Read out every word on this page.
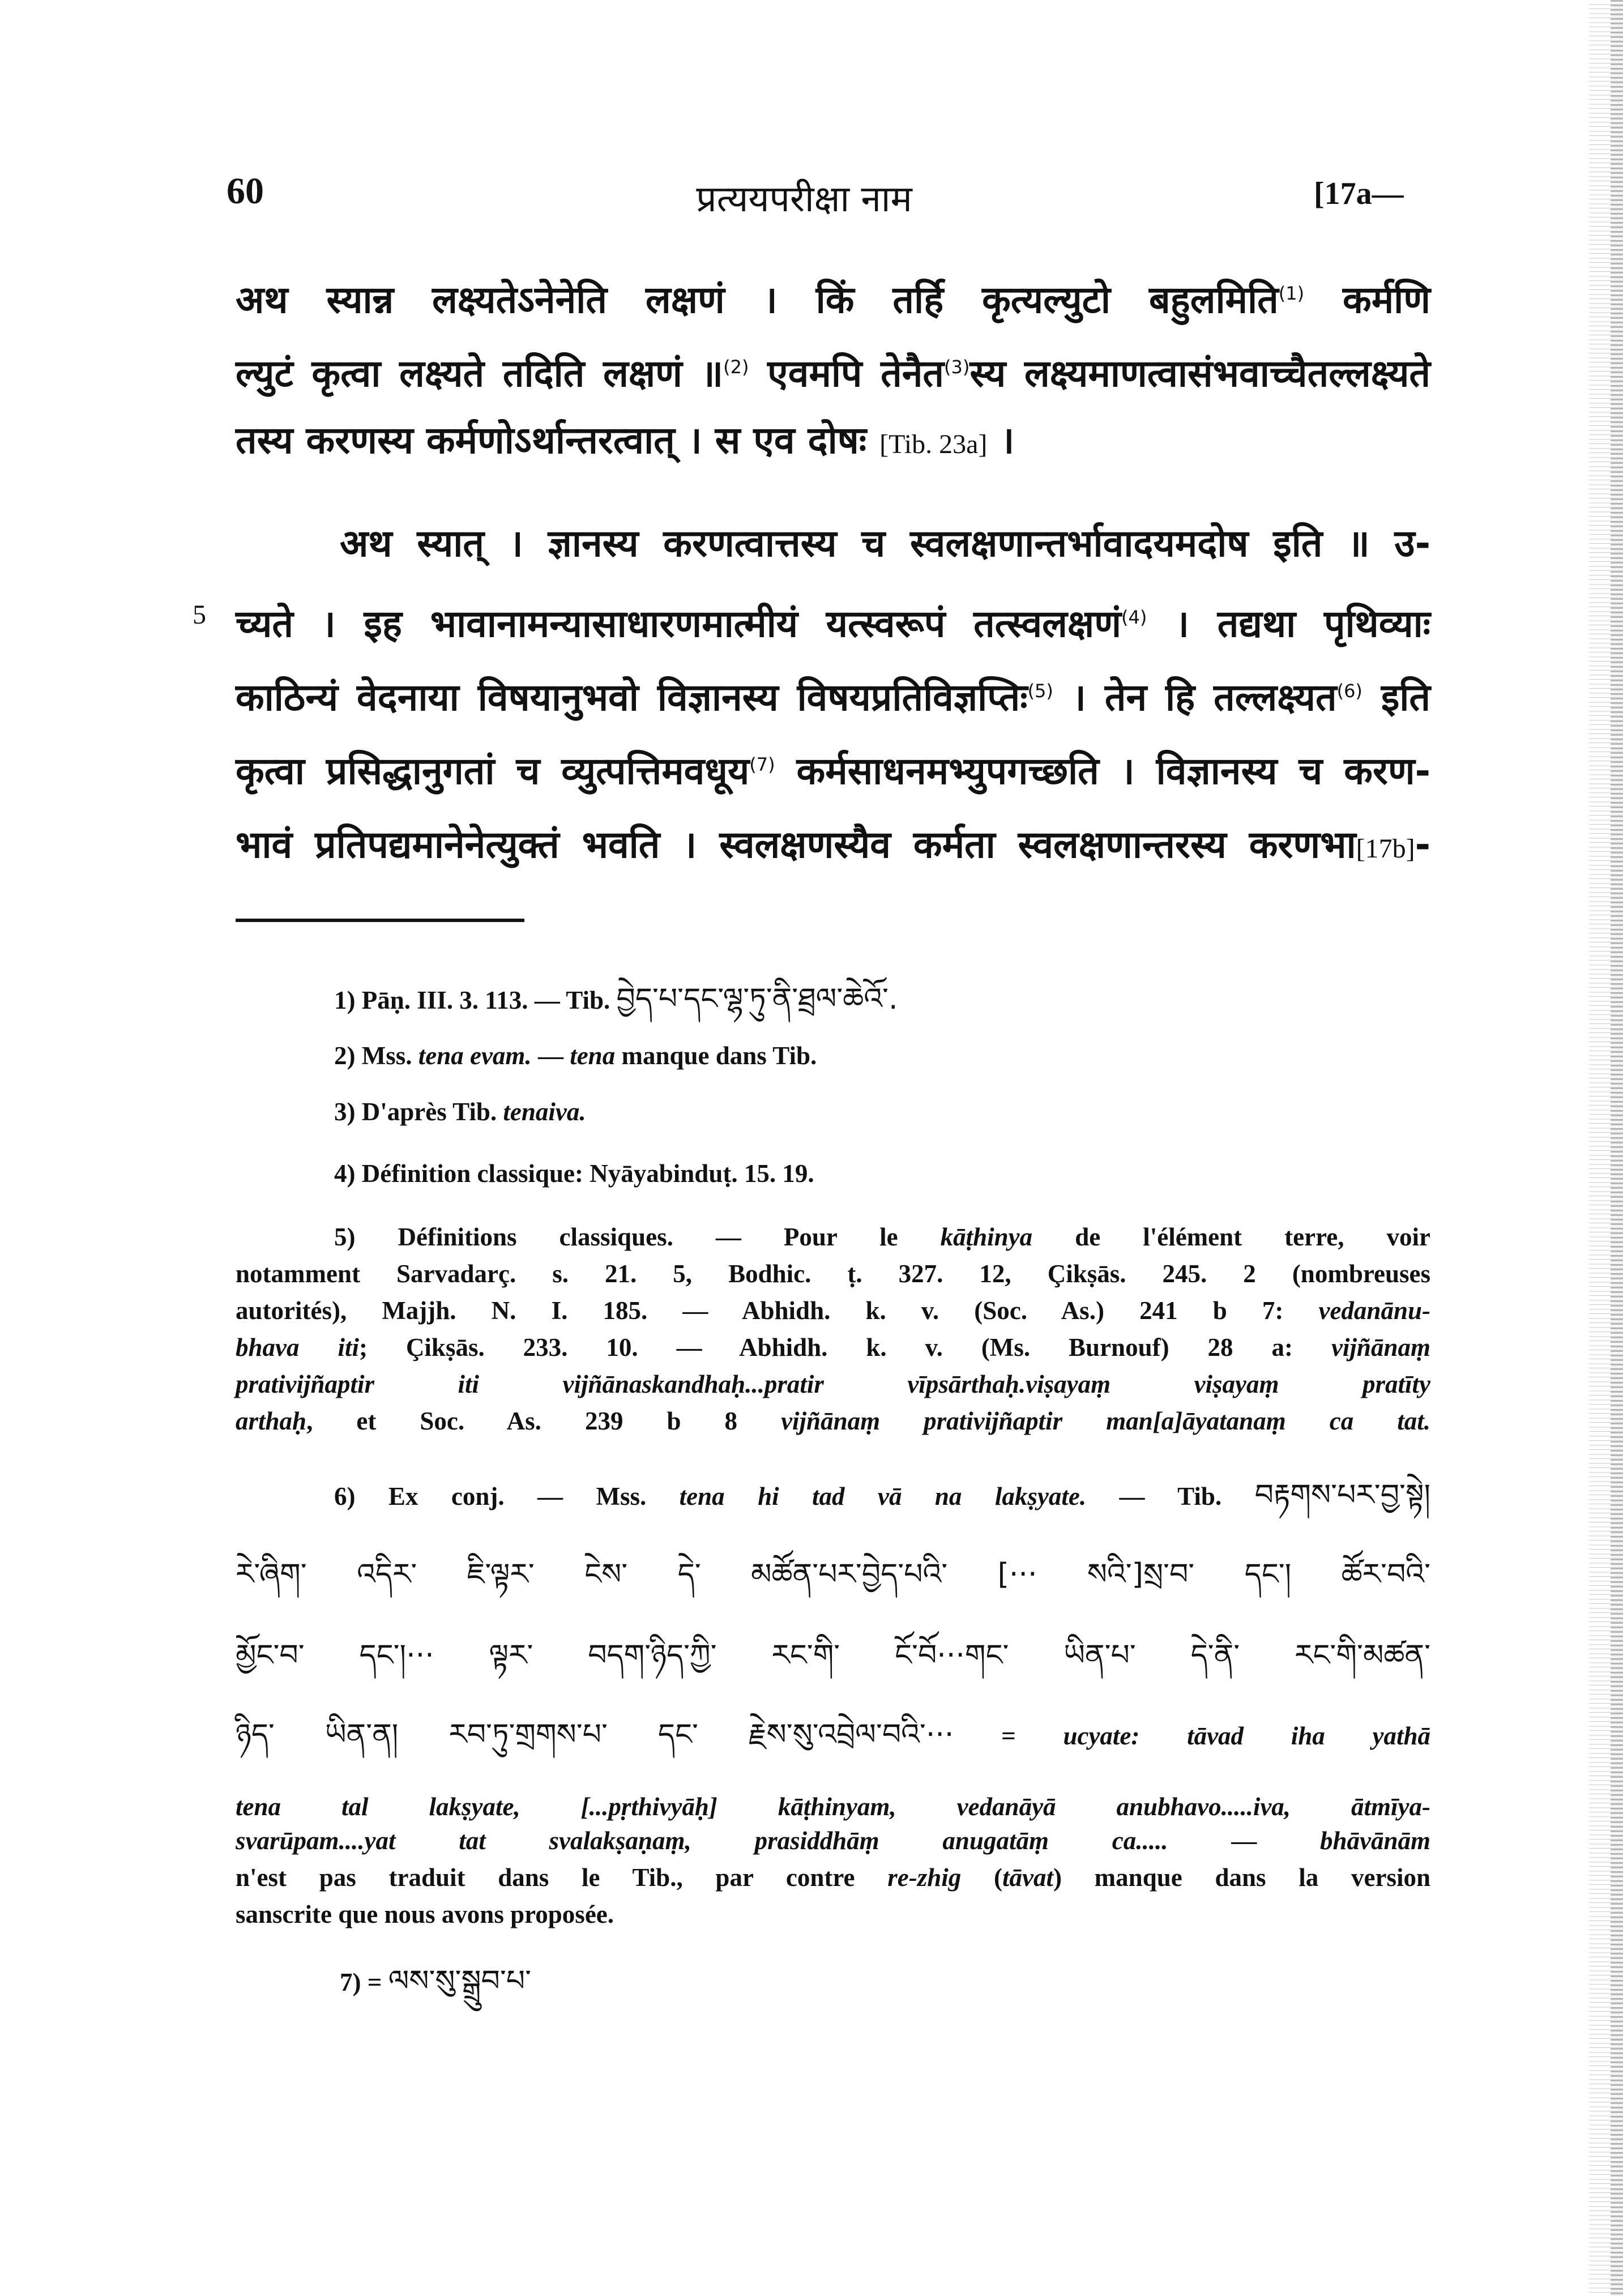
60	प्रत्ययपरीक्षा नाम	[17a—
अथ स्यान्न लक्ष्यतेऽनेनेति लक्षणं । किं तर्हि कृत्यल्युटो बहुलमिति$^{(1)}$ कर्मणि
ल्युटं कृत्वा लक्ष्यते तदिति लक्षणं ॥$^{(2)}$ एवमपि तेनैत$^{(3)}$स्य लक्ष्यमाणत्वासंभवाच्चैतल्लक्ष्यते
तस्य करणस्य कर्मणोऽर्थान्तरत्वात् । स एव दोषः [Tib. 23a] ।
अथ स्यात् । ज्ञानस्य करणत्वात्तस्य च स्वलक्षणान्तर्भावादयमदोष इति ॥ उ-
5 च्यते । इह भावानामन्यासाधारणमात्मीयं यत्स्वरूपं तत्स्वलक्षणं$^{(4)}$ । तद्यथा पृथिव्याः
काठिन्यं वेदनाया विषयानुभवो विज्ञानस्य विषयप्रतिविज्ञप्तिः$^{(5)}$ । तेन हि तल्लक्ष्यत$^{(6)}$ इति
कृत्वा प्रसिद्धानुगतां च व्युत्पत्तिमवधूय$^{(7)}$ कर्मसाधनमभ्युपगच्छति । विज्ञानस्य च करण-
भावं प्रतिपद्यमानेनेत्युक्तं भवति । स्वलक्षणस्यैव कर्मता स्वलक्षणान्तरस्य करणभा[17b]-
1) Pāṇ. III. 3. 113. — Tib. བྱེད་པ་དང་ལྷ་ཏུ་ནི་ཐྲལ་ཆེའོ་.
2) Mss. tena evam. — tena manque dans Tib.
3) D'après Tib. tenaiva.
4) Définition classique: Nyāyabinduṭ. 15. 19.
5) Définitions classiques. — Pour le kāṭhinya de l'élément terre, voir
notamment Sarvadarç. s. 21. 5, Bodhic. ṭ. 327. 12, Çikṣās. 245. 2 (nombreuses
autorités), Majjh. N. I. 185. — Abhidh. k. v. (Soc. As.) 241 b 7: vedanānu-
bhava iti; Çikṣās. 233. 10. — Abhidh. k. v. (Ms. Burnouf) 28 a: vijñānaṃ
prativijñaptir iti vijñānaskandhaḥ...pratir vīpsārthaḥ.viṣayaṃ viṣayaṃ pratīty
arthaḥ, et Soc. As. 239 b 8 vijñānaṃ prativijñaptir man[a]āyatanaṃ ca tat.
6) Ex conj. — Mss. tena hi tad vā na lakṣyate. — Tib. བརྟགས་པར་བྱ་སྟེ།
རེ་ཞིག་ འདིར་ ཇི་ལྟར་ ངེས་ དེ་ མཚོན་པར་བྱེད་པའི་ [··· སའི་]སྲ་བ་ དང་། ཚོར་བའི་
མྱོང་བ་ དང་།··· ལྟར་ བདག་ཉིད་ཀྱི་ རང་གི་ ངོ་བོ···གང་ ཡིན་པ་ དེ་ནི་ རང་གི་མཚན་
ཉིད་ ཡིན་ན། རབ་ཏུ་གྲགས་པ་ དང་ རྗེས་སུ་འབྲེལ་བའི་··· = ucyate: tāvad iha yathā
tena tal lakṣyate, [...pṛthivyāḥ] kāṭhinyam, vedanāyā anubhavo.....iva, ātmīya-
svarūpam....yat tat svalakṣaṇaṃ, prasiddhāṃ anugatāṃ ca..... — bhāvānām
n'est pas traduit dans le Tib., par contre re-zhig (tāvat) manque dans la version
sanscrite que nous avons proposée.
7) = ལས་སུ་སྒྲུབ་པ་
